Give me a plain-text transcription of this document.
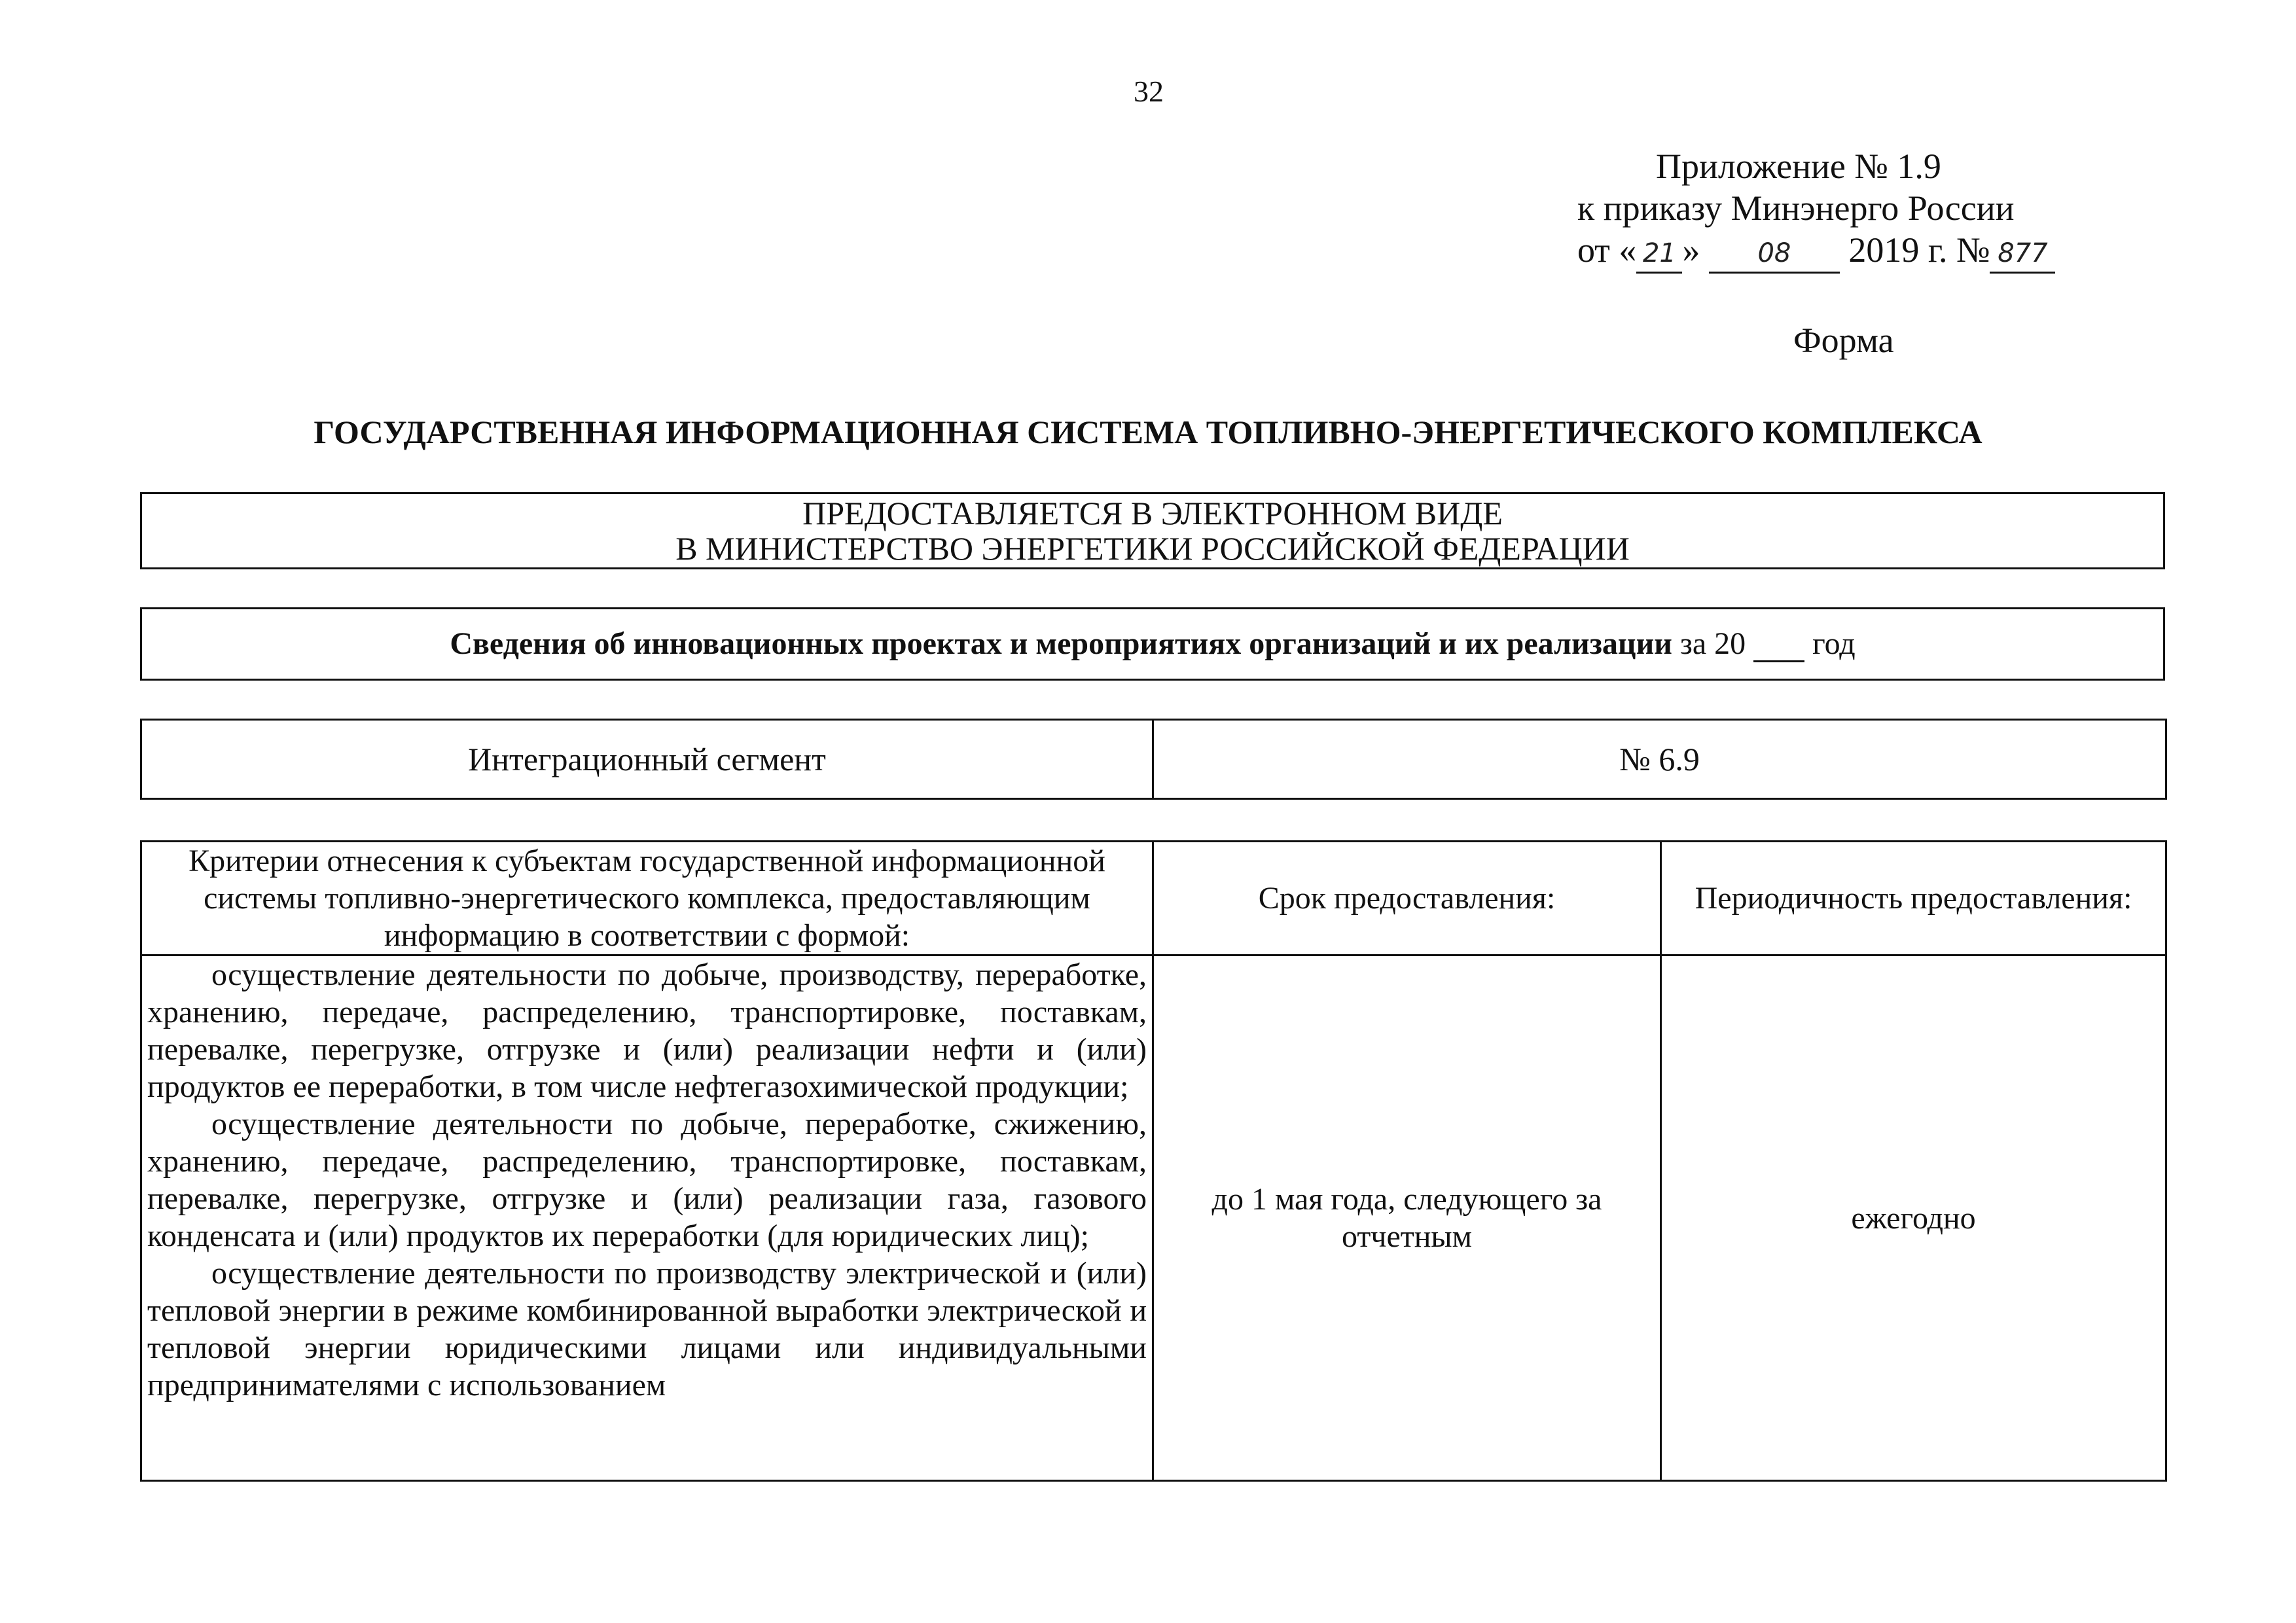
32
Приложение № 1.9
к приказу Минэнерго России
от « 21 » 08 2019 г. № 877
Форма
ГОСУДАРСТВЕННАЯ ИНФОРМАЦИОННАЯ СИСТЕМА ТОПЛИВНО-ЭНЕРГЕТИЧЕСКОГО КОМПЛЕКСА
ПРЕДОСТАВЛЯЕТСЯ В ЭЛЕКТРОННОМ ВИДЕ
В МИНИСТЕРСТВО ЭНЕРГЕТИКИ РОССИЙСКОЙ ФЕДЕРАЦИИ
Сведения об инновационных проектах и мероприятиях организаций и их реализации за 20 год
Интеграционный сегмент	№ 6.9
Критерии отнесения к субъектам государственной информационной системы топливно-энергетического комплекса, предоставляющим информацию в соответствии с формой:	Срок предоставления:	Периодичность предоставления:

осуществление деятельности по добыче, производству, переработке, хранению, передаче, распределению, транспортировке, поставкам, перевалке, перегрузке, отгрузке и (или) реализации нефти и (или) продуктов ее переработки, в том числе нефтегазохимической продукции;

осуществление деятельности по добыче, переработке, сжижению, хранению, передаче, распределению, транспортировке, поставкам, перевалке, перегрузке, отгрузке и (или) реализации газа, газового конденсата и (или) продуктов их переработки (для юридических лиц);

осуществление деятельности по производству электрической и (или) тепловой энергии в режиме комбинированной выработки электрической и тепловой энергии юридическими лицами или индивидуальными предпринимателями с использованием	до 1 мая года, следующего за отчетным	ежегодно
